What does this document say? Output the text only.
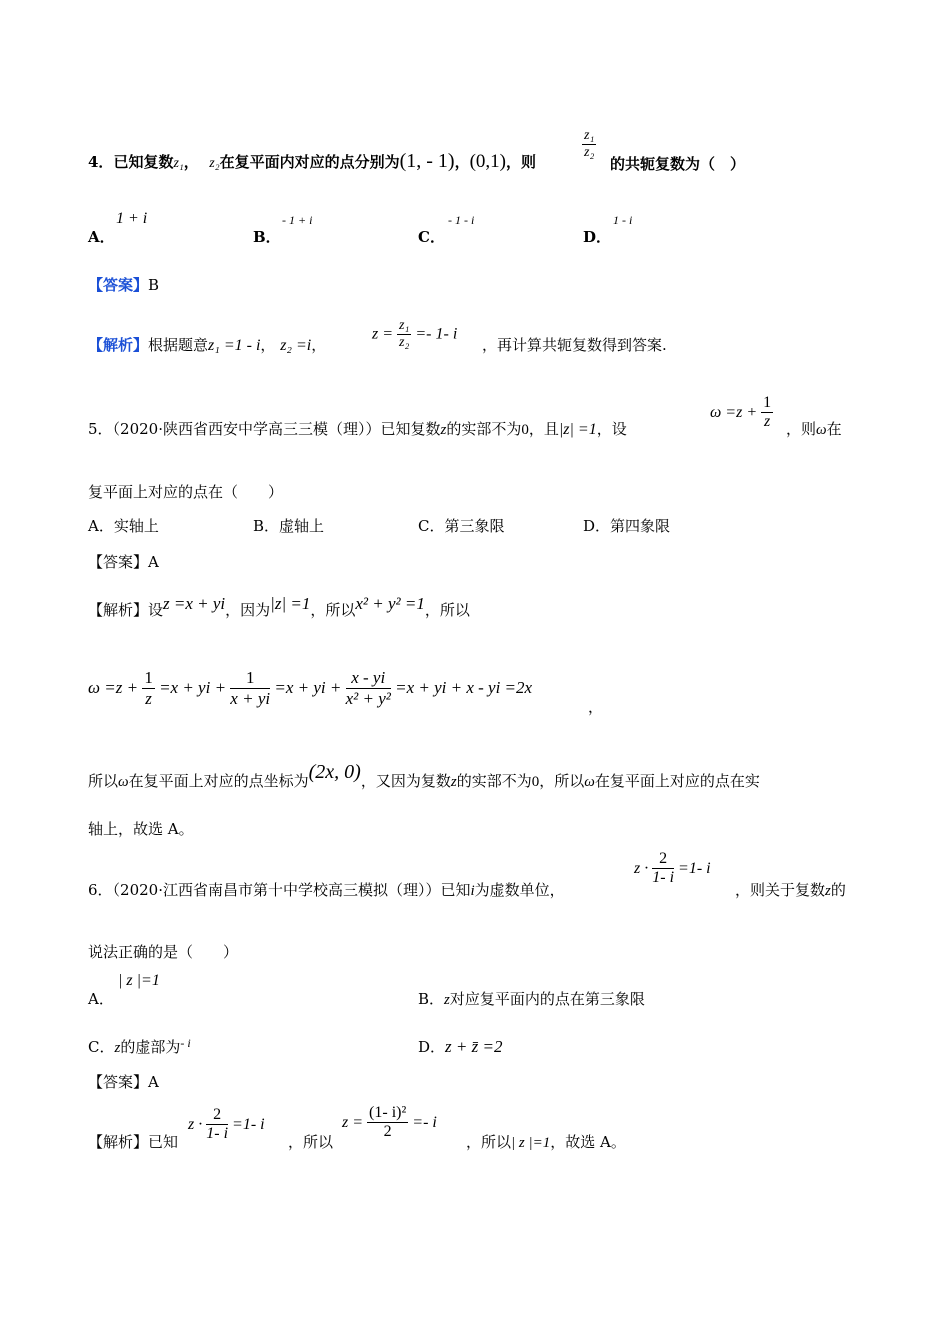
4．已知复数z₁， z₂在复平面内对应的点分别为(1, - 1)，(0,1)，则
$\frac{\text{z₁}}{\text{z₂}}$
的共轭复数为（　）
A．
1 + i
B．
- 1 + i
C．
- 1 - i
D．
1 - i
【答案】B
【解析】根据题意z₁ =1 - i， z₂ =i，
$z = \frac{\text{z₁}}{\text{z₂}} =- 1-$ i
，再计算共轭复数得到答案.
5．（2020·陕西省西安中学高三三模（理））已知复数z的实部不为0，且|z| =1，设
$\omega =z + \frac{1}{z}$ ，则ω在
复平面上对应的点在（　　）
A．实轴上	B．虚轴上	C．第三象限	D．第四象限
【答案】A
【解析】设z =x + yi，因为|z| =1，所以x² + y² =1，所以
$\omega =z + \frac{1}{z} =x$ + yi + $\frac{1}{x + yi} =x$ + yi + $\frac{x - yi}{\text{x² + y²}} =x$ + yi + x - yi =2x
，
所以ω在复平面上对应的点坐标为(2x, 0)，又因为复数z的实部不为0，所以ω在复平面上对应的点在实
轴上，故选 A。
6．（2020·江西省南昌市第十中学校高三模拟（理））已知i为虚数单位，
$z \cdot \frac{2}{1- i} =1-$ i
，则关于复数z的
说法正确的是（　　）
A．
| z |=1
B．z对应复平面内的点在第三象限
C．z的虚部为$^{- i}$	D．z + z̄ =2
【答案】A
【解析】已知
$z \cdot \frac{2}{1- i} =1-$ i
，所以
$z = \frac{\text{(1- i)²}}{2} =- i$
，所以| z |=1，故选 A。
